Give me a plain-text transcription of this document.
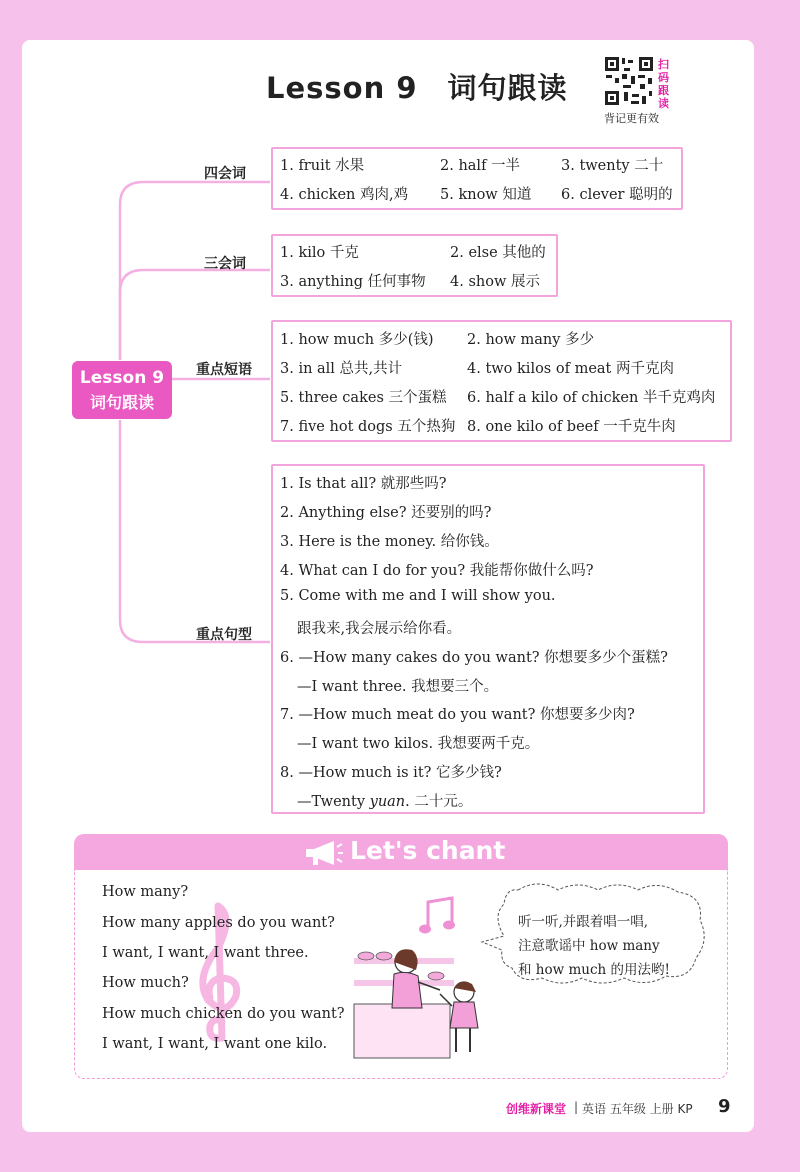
Lesson 9　词句跟读
扫码跟读
背记更有效
四会词
三会词
重点短语
重点句型
Lesson 9
词句跟读
1. fruit 水果	2. half 一半	3. twenty 二十
4. chicken 鸡肉,鸡 5. know 知道 6. clever 聪明的
1. kilo 千克	2. else 其他的
3. anything 任何事物 4. show 展示
1. how much 多少(钱) 2. how many 多少
3. in all 总共,共计	4. two kilos of meat 两千克肉
5. three cakes 三个蛋糕 6. half a kilo of chicken 半千克鸡肉
7. five hot dogs 五个热狗 8. one kilo of beef 一千克牛肉
1. Is that all? 就那些吗?
2. Anything else? 还要别的吗?
3. Here is the money. 给你钱。
4. What can I do for you? 我能帮你做什么吗?
5. Come with me and I will show you.
跟我来,我会展示给你看。
6. —How many cakes do you want? 你想要多少个蛋糕?
—I want three. 我想要三个。
7. —How much meat do you want? 你想要多少肉?
—I want two kilos. 我想要两千克。
8. —How much is it? 它多少钱?
—Twenty yuan. 二十元。
Let's chant
How many?
How many apples do you want?
I want, I want, I want three.
How much?
How much chicken do you want?
I want, I want, I want one kilo.
听一听,并跟着唱一唱,
注意歌谣中 how many
和 how much 的用法哟!
创维新课堂 | 英语 五年级 上册 KP 9
